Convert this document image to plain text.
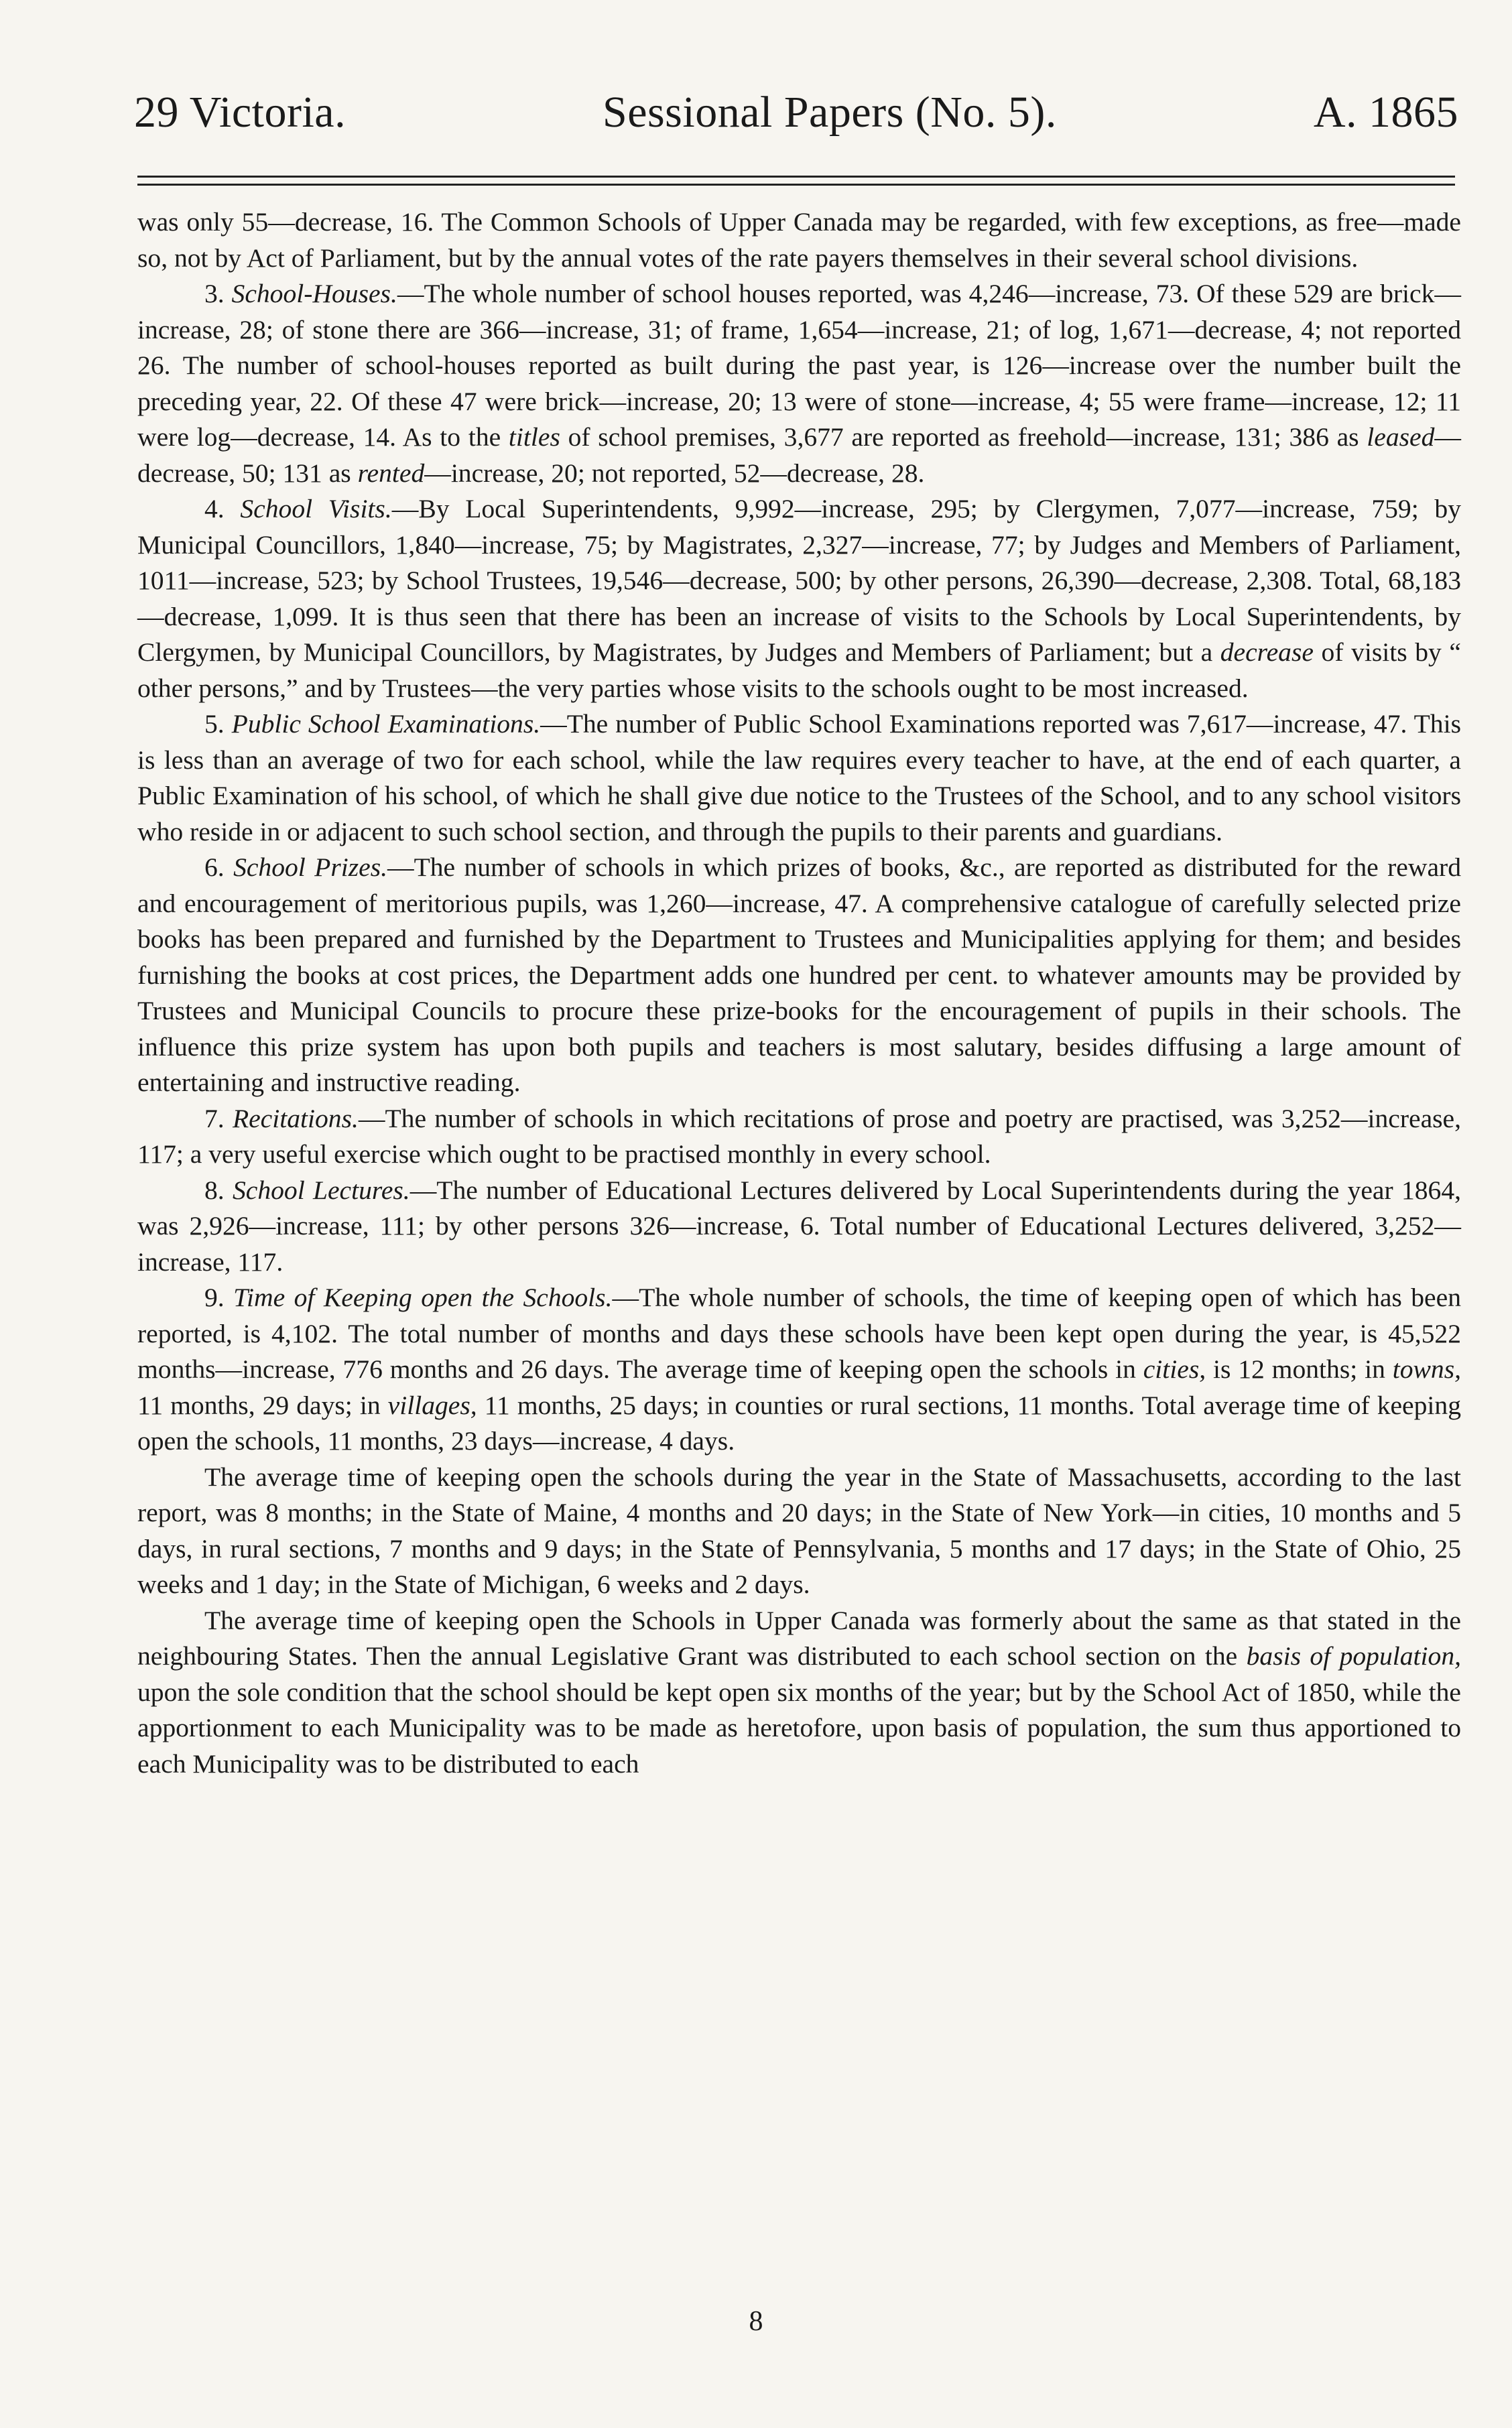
29 Victoria.	Sessional Papers (No. 5).	A. 1865

was only 55—decrease, 16. The Common Schools of Upper Canada may be regarded, with few exceptions, as free—made so, not by Act of Parliament, but by the annual votes of the rate payers themselves in their several school divisions.

3. School-Houses.—The whole number of school houses reported, was 4,246—increase, 73. Of these 529 are brick—increase, 28; of stone there are 366—increase, 31; of frame, 1,654—increase, 21; of log, 1,671—decrease, 4; not reported 26. The number of school-houses reported as built during the past year, is 126—increase over the number built the preceding year, 22. Of these 47 were brick—increase, 20; 13 were of stone—increase, 4; 55 were frame—increase, 12; 11 were log—decrease, 14. As to the titles of school premises, 3,677 are reported as freehold—increase, 131; 386 as leased—decrease, 50; 131 as rented—increase, 20; not reported, 52—decrease, 28.

4. School Visits.—By Local Superintendents, 9,992—increase, 295; by Clergymen, 7,077—increase, 759; by Municipal Councillors, 1,840—increase, 75; by Magistrates, 2,327—increase, 77; by Judges and Members of Parliament, 1011—increase, 523; by School Trustees, 19,546—decrease, 500; by other persons, 26,390—decrease, 2,308. Total, 68,183—decrease, 1,099. It is thus seen that there has been an increase of visits to the Schools by Local Superintendents, by Clergymen, by Municipal Councillors, by Magistrates, by Judges and Members of Parliament; but a decrease of visits by “ other persons,” and by Trustees—the very parties whose visits to the schools ought to be most increased.

5. Public School Examinations.—The number of Public School Examinations reported was 7,617—increase, 47. This is less than an average of two for each school, while the law requires every teacher to have, at the end of each quarter, a Public Examination of his school, of which he shall give due notice to the Trustees of the School, and to any school visitors who reside in or adjacent to such school section, and through the pupils to their parents and guardians.

6. School Prizes.—The number of schools in which prizes of books, &c., are reported as distributed for the reward and encouragement of meritorious pupils, was 1,260—increase, 47. A comprehensive catalogue of carefully selected prize books has been prepared and furnished by the Department to Trustees and Municipalities applying for them; and besides furnishing the books at cost prices, the Department adds one hundred per cent. to whatever amounts may be provided by Trustees and Municipal Councils to procure these prize-books for the encouragement of pupils in their schools. The influence this prize system has upon both pupils and teachers is most salutary, besides diffusing a large amount of entertaining and instructive reading.

7. Recitations.—The number of schools in which recitations of prose and poetry are practised, was 3,252—increase, 117; a very useful exercise which ought to be practised monthly in every school.

8. School Lectures.—The number of Educational Lectures delivered by Local Superintendents during the year 1864, was 2,926—increase, 111; by other persons 326—increase, 6. Total number of Educational Lectures delivered, 3,252—increase, 117.

9. Time of Keeping open the Schools.—The whole number of schools, the time of keeping open of which has been reported, is 4,102. The total number of months and days these schools have been kept open during the year, is 45,522 months—increase, 776 months and 26 days. The average time of keeping open the schools in cities, is 12 months; in towns, 11 months, 29 days; in villages, 11 months, 25 days; in counties or rural sections, 11 months. Total average time of keeping open the schools, 11 months, 23 days—increase, 4 days.

The average time of keeping open the schools during the year in the State of Massachusetts, according to the last report, was 8 months; in the State of Maine, 4 months and 20 days; in the State of New York—in cities, 10 months and 5 days, in rural sections, 7 months and 9 days; in the State of Pennsylvania, 5 months and 17 days; in the State of Ohio, 25 weeks and 1 day; in the State of Michigan, 6 weeks and 2 days.

The average time of keeping open the Schools in Upper Canada was formerly about the same as that stated in the neighbouring States. Then the annual Legislative Grant was distributed to each school section on the basis of population, upon the sole condition that the school should be kept open six months of the year; but by the School Act of 1850, while the apportionment to each Municipality was to be made as heretofore, upon basis of population, the sum thus apportioned to each Municipality was to be distributed to each

8
